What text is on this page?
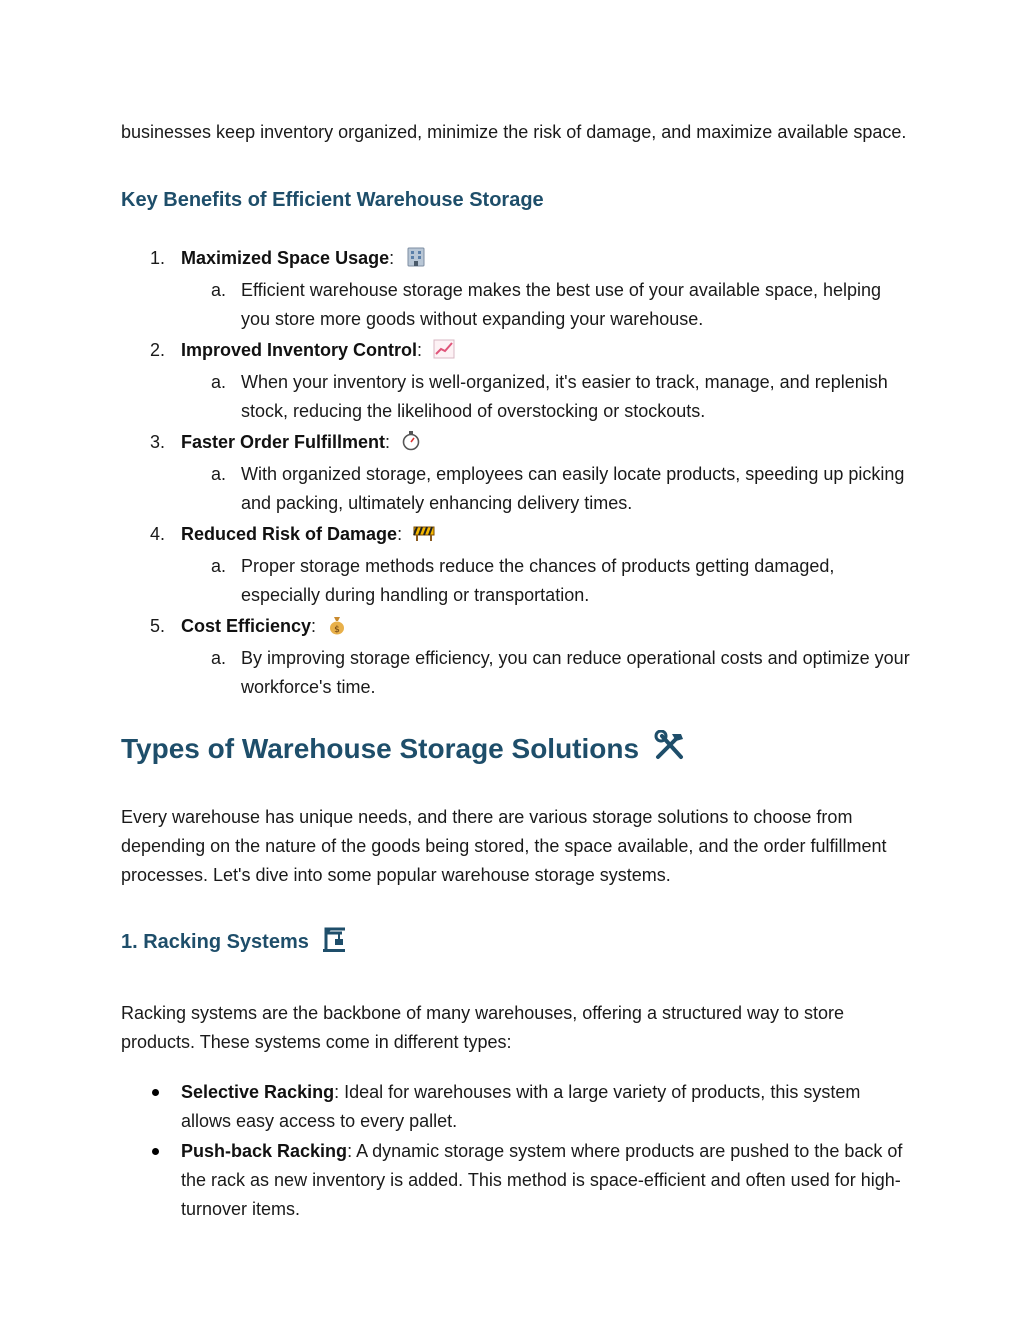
businesses keep inventory organized, minimize the risk of damage, and maximize available space.

Key Benefits of Efficient Warehouse Storage
1. Maximized Space Usage:
a. Efficient warehouse storage makes the best use of your available space, helping you store more goods without expanding your warehouse.
2. Improved Inventory Control:
a. When your inventory is well-organized, it's easier to track, manage, and replenish stock, reducing the likelihood of overstocking or stockouts.
3. Faster Order Fulfillment:
a. With organized storage, employees can easily locate products, speeding up picking and packing, ultimately enhancing delivery times.
4. Reduced Risk of Damage:
a. Proper storage methods reduce the chances of products getting damaged, especially during handling or transportation.
5. Cost Efficiency: $
a. By improving storage efficiency, you can reduce operational costs and optimize your workforce's time.
Types of Warehouse Storage Solutions

Every warehouse has unique needs, and there are various storage solutions to choose from depending on the nature of the goods being stored, the space available, and the order fulfillment processes. Let's dive into some popular warehouse storage systems.

1. Racking Systems

Racking systems are the backbone of many warehouses, offering a structured way to store products. These systems come in different types:

Selective Racking: Ideal for warehouses with a large variety of products, this system allows easy access to every pallet.
Push-back Racking: A dynamic storage system where products are pushed to the back of the rack as new inventory is added. This method is space-efficient and often used for high-turnover items.
